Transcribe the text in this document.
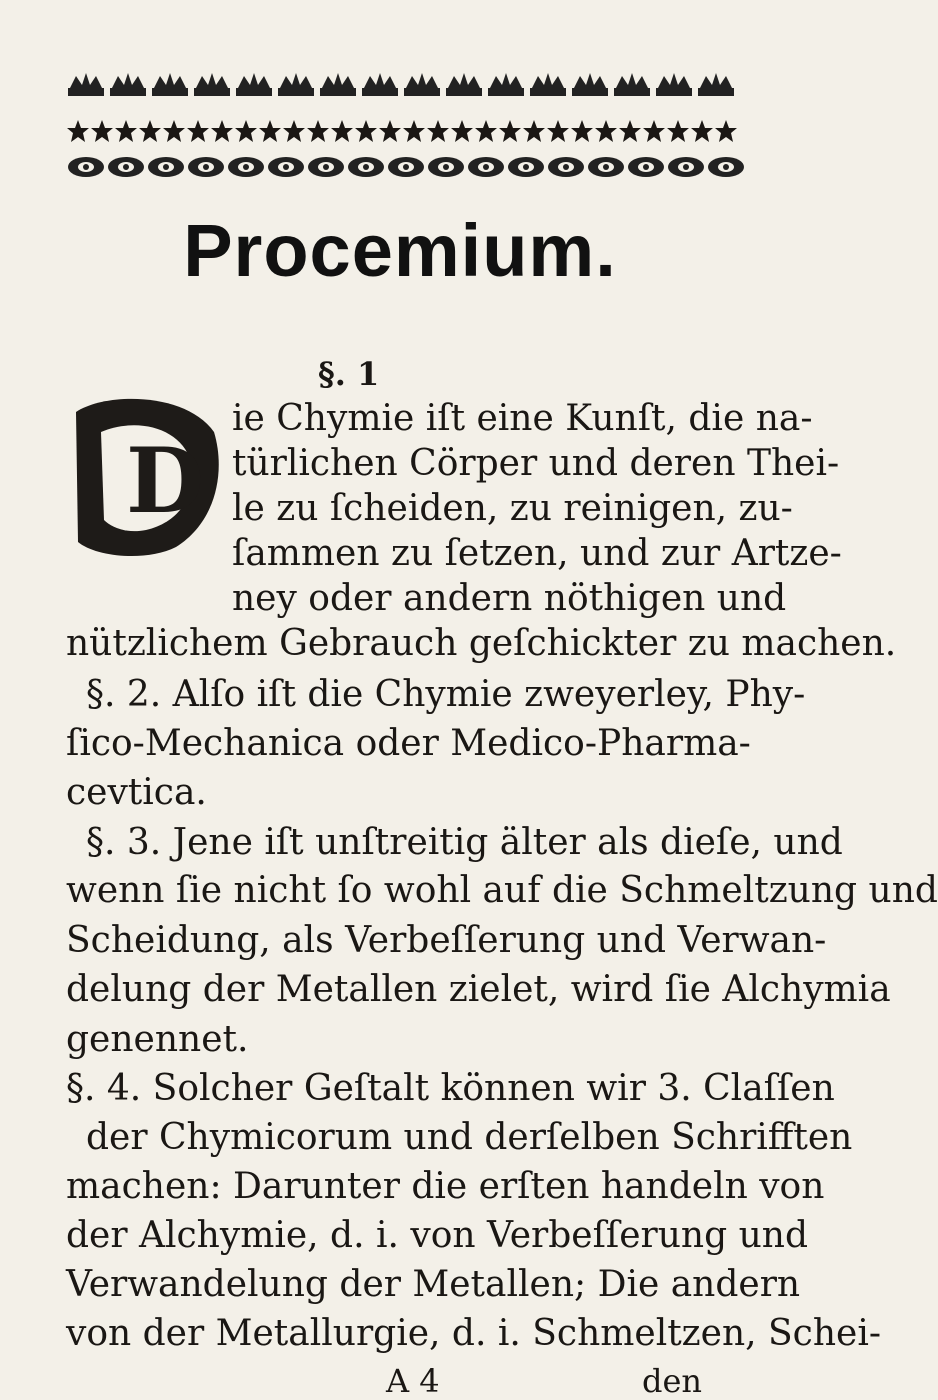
Procemium.
§. 1
D
ie Chymie iſt eine Kunſt, die na-
türlichen Cörper und deren Thei-
le zu ſcheiden, zu reinigen, zu-
ſammen zu ſetzen, und zur Artze-
ney oder andern nöthigen und
nützlichem Gebrauch geſchickter zu machen.
§. 2. Alſo iſt die Chymie zweyerley, Phy-
ſico-Mechanica oder Medico-Pharma-
cevtica.
§. 3. Jene iſt unſtreitig älter als dieſe, und
wenn ſie nicht ſo wohl auf die Schmeltzung und
Scheidung, als Verbeſſerung und Verwan-
delung der Metallen zielet, wird ſie Alchymia
genennet.
§. 4. Solcher Geſtalt können wir 3. Claſſen
der Chymicorum und derſelben Schrifften
machen: Darunter die erſten handeln von
der Alchymie, d. i. von Verbeſſerung und
Verwandelung der Metallen; Die andern
von der Metallurgie, d. i. Schmeltzen, Schei-
A 4	den
